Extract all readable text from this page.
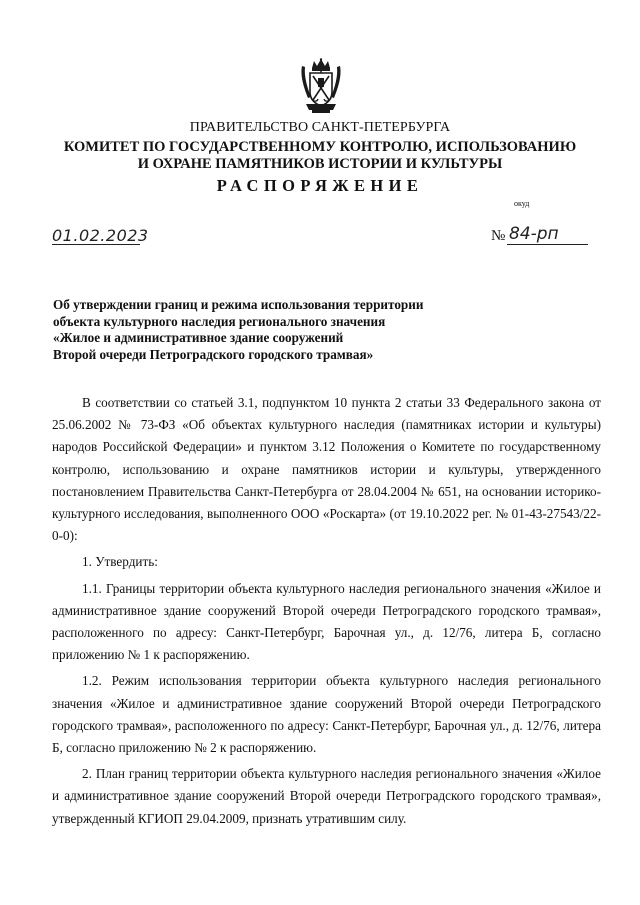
ПРАВИТЕЛЬСТВО САНКТ-ПЕТЕРБУРГА
КОМИТЕТ ПО ГОСУДАРСТВЕННОМУ КОНТРОЛЮ, ИСПОЛЬЗОВАНИЮ
И ОХРАНЕ ПАМЯТНИКОВ ИСТОРИИ И КУЛЬТУРЫ
РАСПОРЯЖЕНИЕ
окуд
01.02.2023	№ 84-рп
Об утверждении границ и режима использования территории
объекта культурного наследия регионального значения
«Жилое и административное здание сооружений
Второй очереди Петроградского городского трамвая»

В соответствии со статьей 3.1, подпунктом 10 пункта 2 статьи 33 Федерального закона от 25.06.2002 № 73-ФЗ «Об объектах культурного наследия (памятниках истории и культуры) народов Российской Федерации» и пунктом 3.12 Положения о Комитете по государственному контролю, использованию и охране памятников истории и культуры, утвержденного постановлением Правительства Санкт-Петербурга от 28.04.2004 № 651, на основании историко-культурного исследования, выполненного ООО «Роскарта» (от 19.10.2022 рег. № 01-43-27543/22-0-0):

1. Утвердить:

1.1. Границы территории объекта культурного наследия регионального значения «Жилое и административное здание сооружений Второй очереди Петроградского городского трамвая», расположенного по адресу: Санкт-Петербург, Барочная ул., д. 12/76, литера Б, согласно приложению № 1 к распоряжению.

1.2. Режим использования территории объекта культурного наследия регионального значения «Жилое и административное здание сооружений Второй очереди Петроградского городского трамвая», расположенного по адресу: Санкт-Петербург, Барочная ул., д. 12/76, литера Б, согласно приложению № 2 к распоряжению.

2. План границ территории объекта культурного наследия регионального значения «Жилое и административное здание сооружений Второй очереди Петроградского городского трамвая», утвержденный КГИОП 29.04.2009, признать утратившим силу.
